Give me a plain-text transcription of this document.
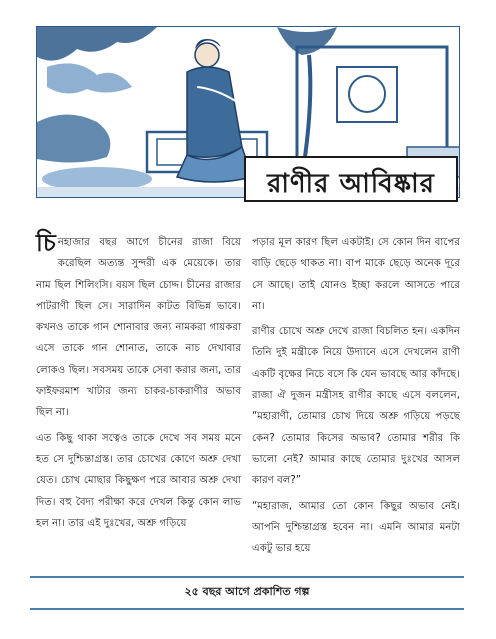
রাণীর আবিষ্কার

চিনহাজার বছর আগে চীনের রাজা বিয়ে করেছিল অত্যন্ত সুন্দরী এক মেয়েকে। তার নাম ছিল শিলিংসি। বয়স ছিল চোদ্দ। চীনের রাজার পাটরাণী ছিল সে। সারাদিন কাটত বিভিন্ন ভাবে। কখনও তাকে গান শোনাবার জন্য নামকরা গায়করা এসে তাকে গান শোনাত, তাকে নাচ দেখাবার লোকও ছিল। সবসময় তাকে সেবা করার জন্য, তার ফাইফরমাশ খাটার জন্য চাকর-চাকরাণীর অভাব ছিল না।

এত কিছু থাকা সত্বেও তাকে দেখে সব সময় মনে হত সে দুশ্চিন্তাগ্রস্ত। তার চোখের কোণে অশ্রু দেখা যেত। চোখ মোছার কিছুক্ষণ পরে আবার অশ্রু দেখা দিত। বহু বৈদ্য পরীক্ষা করে দেখল কিন্তু কোন লাভ হল না। তার এই দুঃখের, অশ্রু গড়িয়ে

পড়ার মূল কারণ ছিল একটাই। সে কোন দিন বাপের বাড়ি ছেড়ে থাকত না। বাপ মাকে ছেড়ে অনেক দূরে সে আছে। তাই যোনও ইচ্ছা করলে আসতে পারে না।

রাণীর চোখে অশ্রু দেখে রাজা বিচলিত হন। একদিন তিনি দুই মন্ত্রীকে নিয়ে উদ্যানে এসে দেখলেন রাণী একটি বৃক্ষের নিচে বসে কি যেন ভাবছে আর কাঁদছে। রাজা ঐ দুজন মন্ত্রীসহ রাণীর কাছে এসে বললেন, “মহারাণী, তোমার চোখ দিয়ে অশ্রু গড়িয়ে পড়ছে কেন? তোমার কিসের অভাব? তোমার শরীর কি ভালো নেই? আমার কাছে তোমার দুঃখের আসল কারণ বল?”

“মহারাজ, আমার তো কোন কিছুর অভাব নেই। আপনি দুশ্চিন্তাগ্রস্ত হবেন না। এমনি আমার মনটা একটু ভার হয়ে

২৫ বছর আগে প্রকাশিত গল্প
